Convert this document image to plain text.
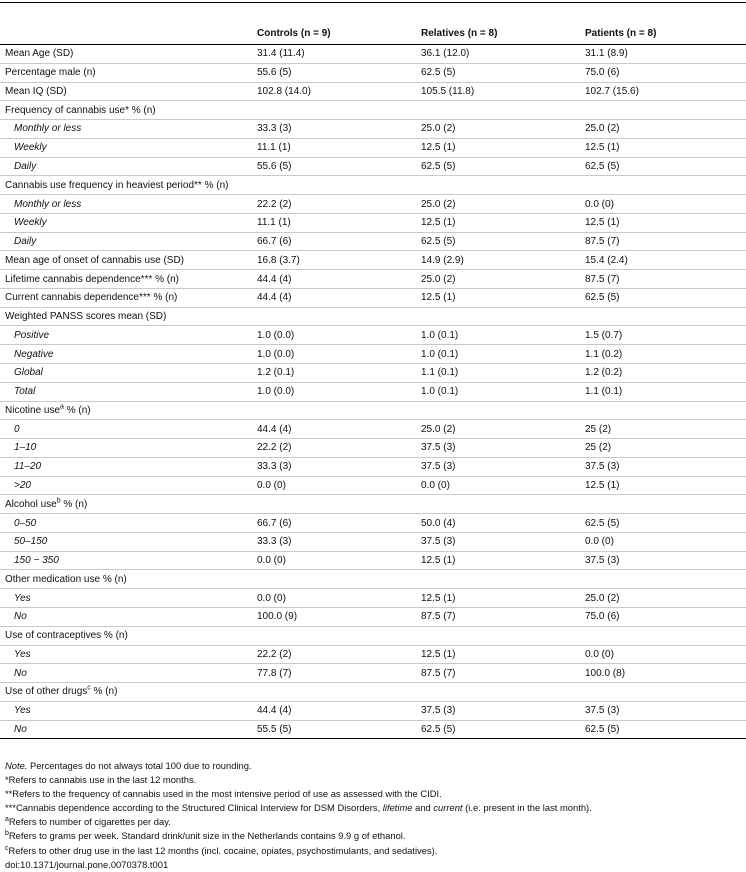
	Controls (n = 9)	Relatives (n = 8)	Patients (n = 8)
Mean Age (SD)	31.4 (11.4)	36.1 (12.0)	31.1 (8.9)
Percentage male (n)	55.6 (5)	62.5 (5)	75.0 (6)
Mean IQ (SD)	102.8 (14.0)	105.5 (11.8)	102.7 (15.6)
Frequency of cannabis use* % (n)			
Monthly or less	33.3 (3)	25.0 (2)	25.0 (2)
Weekly	11.1 (1)	12.5 (1)	12.5 (1)
Daily	55.6 (5)	62.5 (5)	62.5 (5)
Cannabis use frequency in heaviest period** % (n)			
Monthly or less	22.2 (2)	25.0 (2)	0.0 (0)
Weekly	11.1 (1)	12.5 (1)	12.5 (1)
Daily	66.7 (6)	62.5 (5)	87.5 (7)
Mean age of onset of cannabis use (SD)	16.8 (3.7)	14.9 (2.9)	15.4 (2.4)
Lifetime cannabis dependence*** % (n)	44.4 (4)	25.0 (2)	87.5 (7)
Current cannabis dependence*** % (n)	44.4 (4)	12.5 (1)	62.5 (5)
Weighted PANSS scores mean (SD)			
Positive	1.0 (0.0)	1.0 (0.1)	1.5 (0.7)
Negative	1.0 (0.0)	1.0 (0.1)	1.1 (0.2)
Global	1.2 (0.1)	1.1 (0.1)	1.2 (0.2)
Total	1.0 (0.0)	1.0 (0.1)	1.1 (0.1)
Nicotine use$^a$ % (n)			
0	44.4 (4)	25.0 (2)	25 (2)
1–10	22.2 (2)	37.5 (3)	25 (2)
11–20	33.3 (3)	37.5 (3)	37.5 (3)
>20	0.0 (0)	0.0 (0)	12.5 (1)
Alcohol use$^b$ % (n)			
0–50	66.7 (6)	50.0 (4)	62.5 (5)
50–150	33.3 (3)	37.5 (3)	0.0 (0)
150 − 350	0.0 (0)	12.5 (1)	37.5 (3)
Other medication use % (n)			
Yes	0.0 (0)	12.5 (1)	25.0 (2)
No	100.0 (9)	87.5 (7)	75.0 (6)
Use of contraceptives % (n)			
Yes	22.2 (2)	12.5 (1)	0.0 (0)
No	77.8 (7)	87.5 (7)	100.0 (8)
Use of other drugs$^c$ % (n)			
Yes	44.4 (4)	37.5 (3)	37.5 (3)
No	55.5 (5)	62.5 (5)	62.5 (5)
Note. Percentages do not always total 100 due to rounding.
*Refers to cannabis use in the last 12 months.
**Refers to the frequency of cannabis used in the most intensive period of use as assessed with the CIDI.
***Cannabis dependence according to the Structured Clinical Interview for DSM Disorders, lifetime and current (i.e. present in the last month).
$^a$Refers to number of cigarettes per day.
$^b$Refers to grams per week. Standard drink/unit size in the Netherlands contains 9.9 g of ethanol.
$^c$Refers to other drug use in the last 12 months (incl. cocaine, opiates, psychostimulants, and sedatives).
doi:10.1371/journal.pone.0070378.t001
